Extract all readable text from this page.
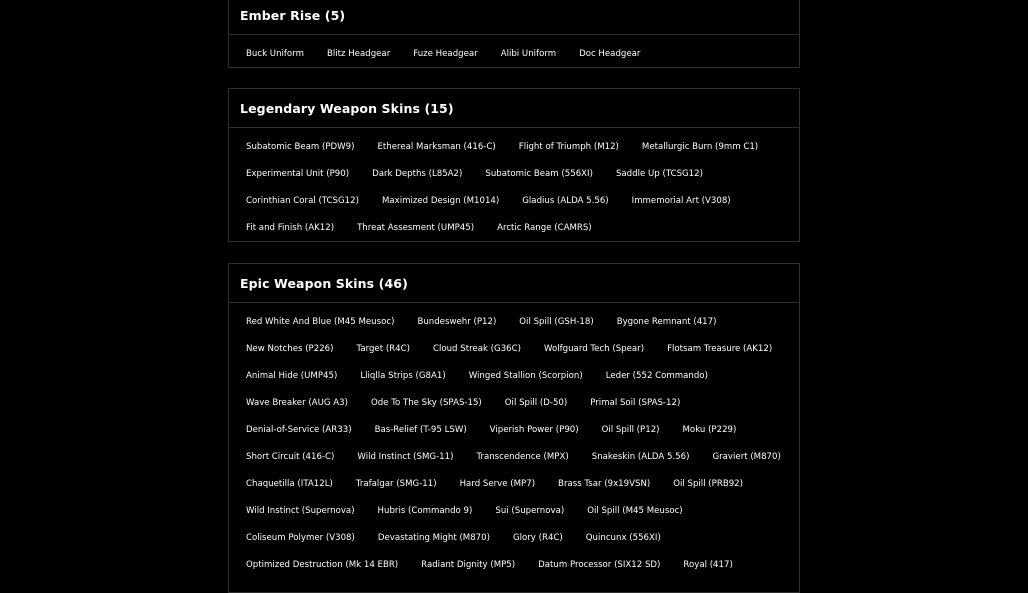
Ember Rise (5)
Buck Uniform	Blitz Headgear	Fuze Headgear	Alibi Uniform	Doc Headgear
Legendary Weapon Skins (15)
Subatomic Beam (PDW9)	Ethereal Marksman (416-C)	Flight of Triumph (M12)	Metallurgic Burn (9mm C1)
Experimental Unit (P90)	Dark Depths (L85A2)	Subatomic Beam (556XI)	Saddle Up (TCSG12)
Corinthian Coral (TCSG12)	Maximized Design (M1014)	Gladius (ALDA 5.56)	Immemorial Art (V308)
Fit and Finish (AK12)	Threat Assesment (UMP45)	Arctic Range (CAMRS)
Epic Weapon Skins (46)
Red White And Blue (M45 Meusoc)	Bundeswehr (P12)	Oil Spill (GSH-18)	Bygone Remnant (417)
New Notches (P226)	Target (R4C)	Cloud Streak (G36C)	Wolfguard Tech (Spear)	Flotsam Treasure (AK12)
Animal Hide (UMP45)	Lliqlla Strips (G8A1)	Winged Stallion (Scorpion)	Leder (552 Commando)
Wave Breaker (AUG A3)	Ode To The Sky (SPAS-15)	Oil Spill (D-50)	Primal Soil (SPAS-12)
Denial-of-Service (AR33)	Bas-Relief (T-95 LSW)	Viperish Power (P90)	Oil Spill (P12)	Moku (P229)
Short Circuit (416-C)	Wild Instinct (SMG-11)	Transcendence (MPX)	Snakeskin (ALDA 5.56)	Graviert (M870)
Chaquetilla (ITA12L)	Trafalgar (SMG-11)	Hard Serve (MP7)	Brass Tsar (9x19VSN)	Oil Spill (PRB92)
Wild Instinct (Supernova)	Hubris (Commando 9)	Sui (Supernova)	Oil Spill (M45 Meusoc)
Coliseum Polymer (V308)	Devastating Might (M870)	Glory (R4C)	Quincunx (556XI)
Optimized Destruction (Mk 14 EBR)	Radiant Dignity (MP5)	Datum Processor (SIX12 SD)	Royal (417)
